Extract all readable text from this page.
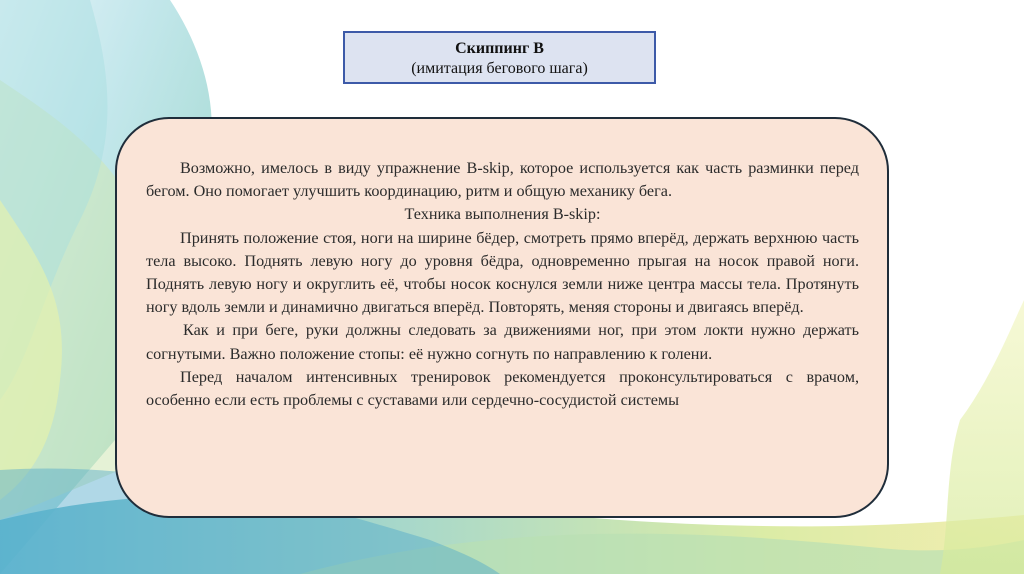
Скиппинг В
(имитация бегового шага)

Возможно, имелось в виду упражнение B-skip, которое используется как часть разминки перед бегом. Оно помогает улучшить координацию, ритм и общую механику бега.

Техника выполнения B-skip:

Принять положение стоя, ноги на ширине бёдер, смотреть прямо вперёд, держать верхнюю часть тела высоко. Поднять левую ногу до уровня бёдра, одновременно прыгая на носок правой ноги. Поднять левую ногу и округлить её, чтобы носок коснулся земли ниже центра массы тела. Протянуть ногу вдоль земли и динамично двигаться вперёд. Повторять, меняя стороны и двигаясь вперёд.

Как и при беге, руки должны следовать за движениями ног, при этом локти нужно держать согнутыми. Важно положение стопы: её нужно согнуть по направлению к голени.

Перед началом интенсивных тренировок рекомендуется проконсультироваться с врачом, особенно если есть проблемы с суставами или сердечно-сосудистой системы
